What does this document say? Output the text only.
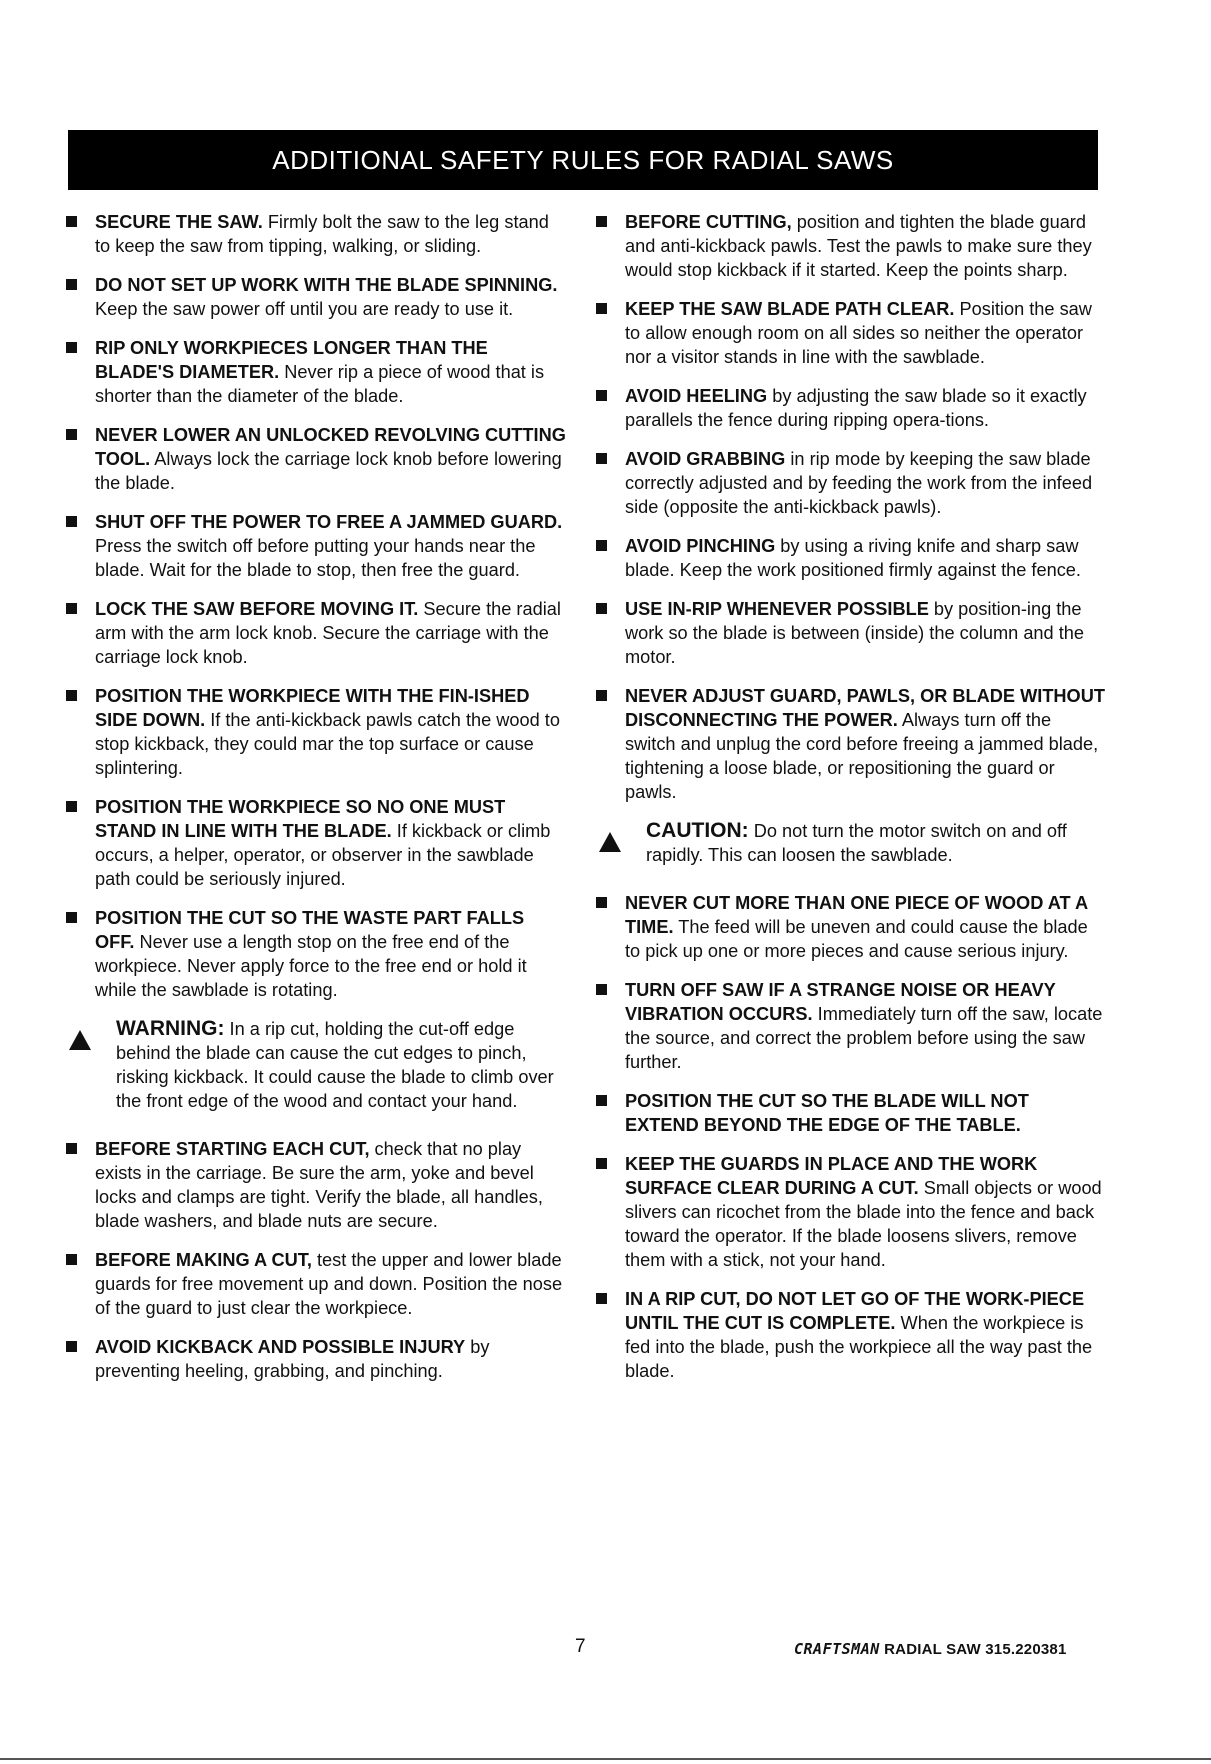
ADDITIONAL SAFETY RULES FOR RADIAL SAWS
SECURE THE SAW. Firmly bolt the saw to the leg stand to keep the saw from tipping, walking, or sliding.
DO NOT SET UP WORK WITH THE BLADE SPINNING. Keep the saw power off until you are ready to use it.
RIP ONLY WORKPIECES LONGER THAN THE BLADE'S DIAMETER. Never rip a piece of wood that is shorter than the diameter of the blade.
NEVER LOWER AN UNLOCKED REVOLVING CUTTING TOOL. Always lock the carriage lock knob before lowering the blade.
SHUT OFF THE POWER TO FREE A JAMMED GUARD. Press the switch off before putting your hands near the blade. Wait for the blade to stop, then free the guard.
LOCK THE SAW BEFORE MOVING IT. Secure the radial arm with the arm lock knob. Secure the carriage with the carriage lock knob.
POSITION THE WORKPIECE WITH THE FIN-ISHED SIDE DOWN. If the anti-kickback pawls catch the wood to stop kickback, they could mar the top surface or cause splintering.
POSITION THE WORKPIECE SO NO ONE MUST STAND IN LINE WITH THE BLADE. If kickback or climb occurs, a helper, operator, or observer in the sawblade path could be seriously injured.
POSITION THE CUT SO THE WASTE PART FALLS OFF. Never use a length stop on the free end of the workpiece. Never apply force to the free end or hold it while the sawblade is rotating.
WARNING: In a rip cut, holding the cut-off edge behind the blade can cause the cut edges to pinch, risking kickback. It could cause the blade to climb over the front edge of the wood and contact your hand.
BEFORE STARTING EACH CUT, check that no play exists in the carriage. Be sure the arm, yoke and bevel locks and clamps are tight. Verify the blade, all handles, blade washers, and blade nuts are secure.
BEFORE MAKING A CUT, test the upper and lower blade guards for free movement up and down. Position the nose of the guard to just clear the workpiece.
AVOID KICKBACK AND POSSIBLE INJURY by preventing heeling, grabbing, and pinching.
BEFORE CUTTING, position and tighten the blade guard and anti-kickback pawls. Test the pawls to make sure they would stop kickback if it started. Keep the points sharp.
KEEP THE SAW BLADE PATH CLEAR. Position the saw to allow enough room on all sides so neither the operator nor a visitor stands in line with the sawblade.
AVOID HEELING by adjusting the saw blade so it exactly parallels the fence during ripping opera-tions.
AVOID GRABBING in rip mode by keeping the saw blade correctly adjusted and by feeding the work from the infeed side (opposite the anti-kickback pawls).
AVOID PINCHING by using a riving knife and sharp saw blade. Keep the work positioned firmly against the fence.
USE IN-RIP WHENEVER POSSIBLE by position-ing the work so the blade is between (inside) the column and the motor.
NEVER ADJUST GUARD, PAWLS, OR BLADE WITHOUT DISCONNECTING THE POWER. Always turn off the switch and unplug the cord before freeing a jammed blade, tightening a loose blade, or repositioning the guard or pawls.
CAUTION: Do not turn the motor switch on and off rapidly. This can loosen the sawblade.
NEVER CUT MORE THAN ONE PIECE OF WOOD AT A TIME. The feed will be uneven and could cause the blade to pick up one or more pieces and cause serious injury.
TURN OFF SAW IF A STRANGE NOISE OR HEAVY VIBRATION OCCURS. Immediately turn off the saw, locate the source, and correct the problem before using the saw further.
POSITION THE CUT SO THE BLADE WILL NOT EXTEND BEYOND THE EDGE OF THE TABLE.
KEEP THE GUARDS IN PLACE AND THE WORK SURFACE CLEAR DURING A CUT. Small objects or wood slivers can ricochet from the blade into the fence and back toward the operator. If the blade loosens slivers, remove them with a stick, not your hand.
IN A RIP CUT, DO NOT LET GO OF THE WORK-PIECE UNTIL THE CUT IS COMPLETE. When the workpiece is fed into the blade, push the workpiece all the way past the blade.
7	CRAFTSMAN RADIAL SAW 315.220381
